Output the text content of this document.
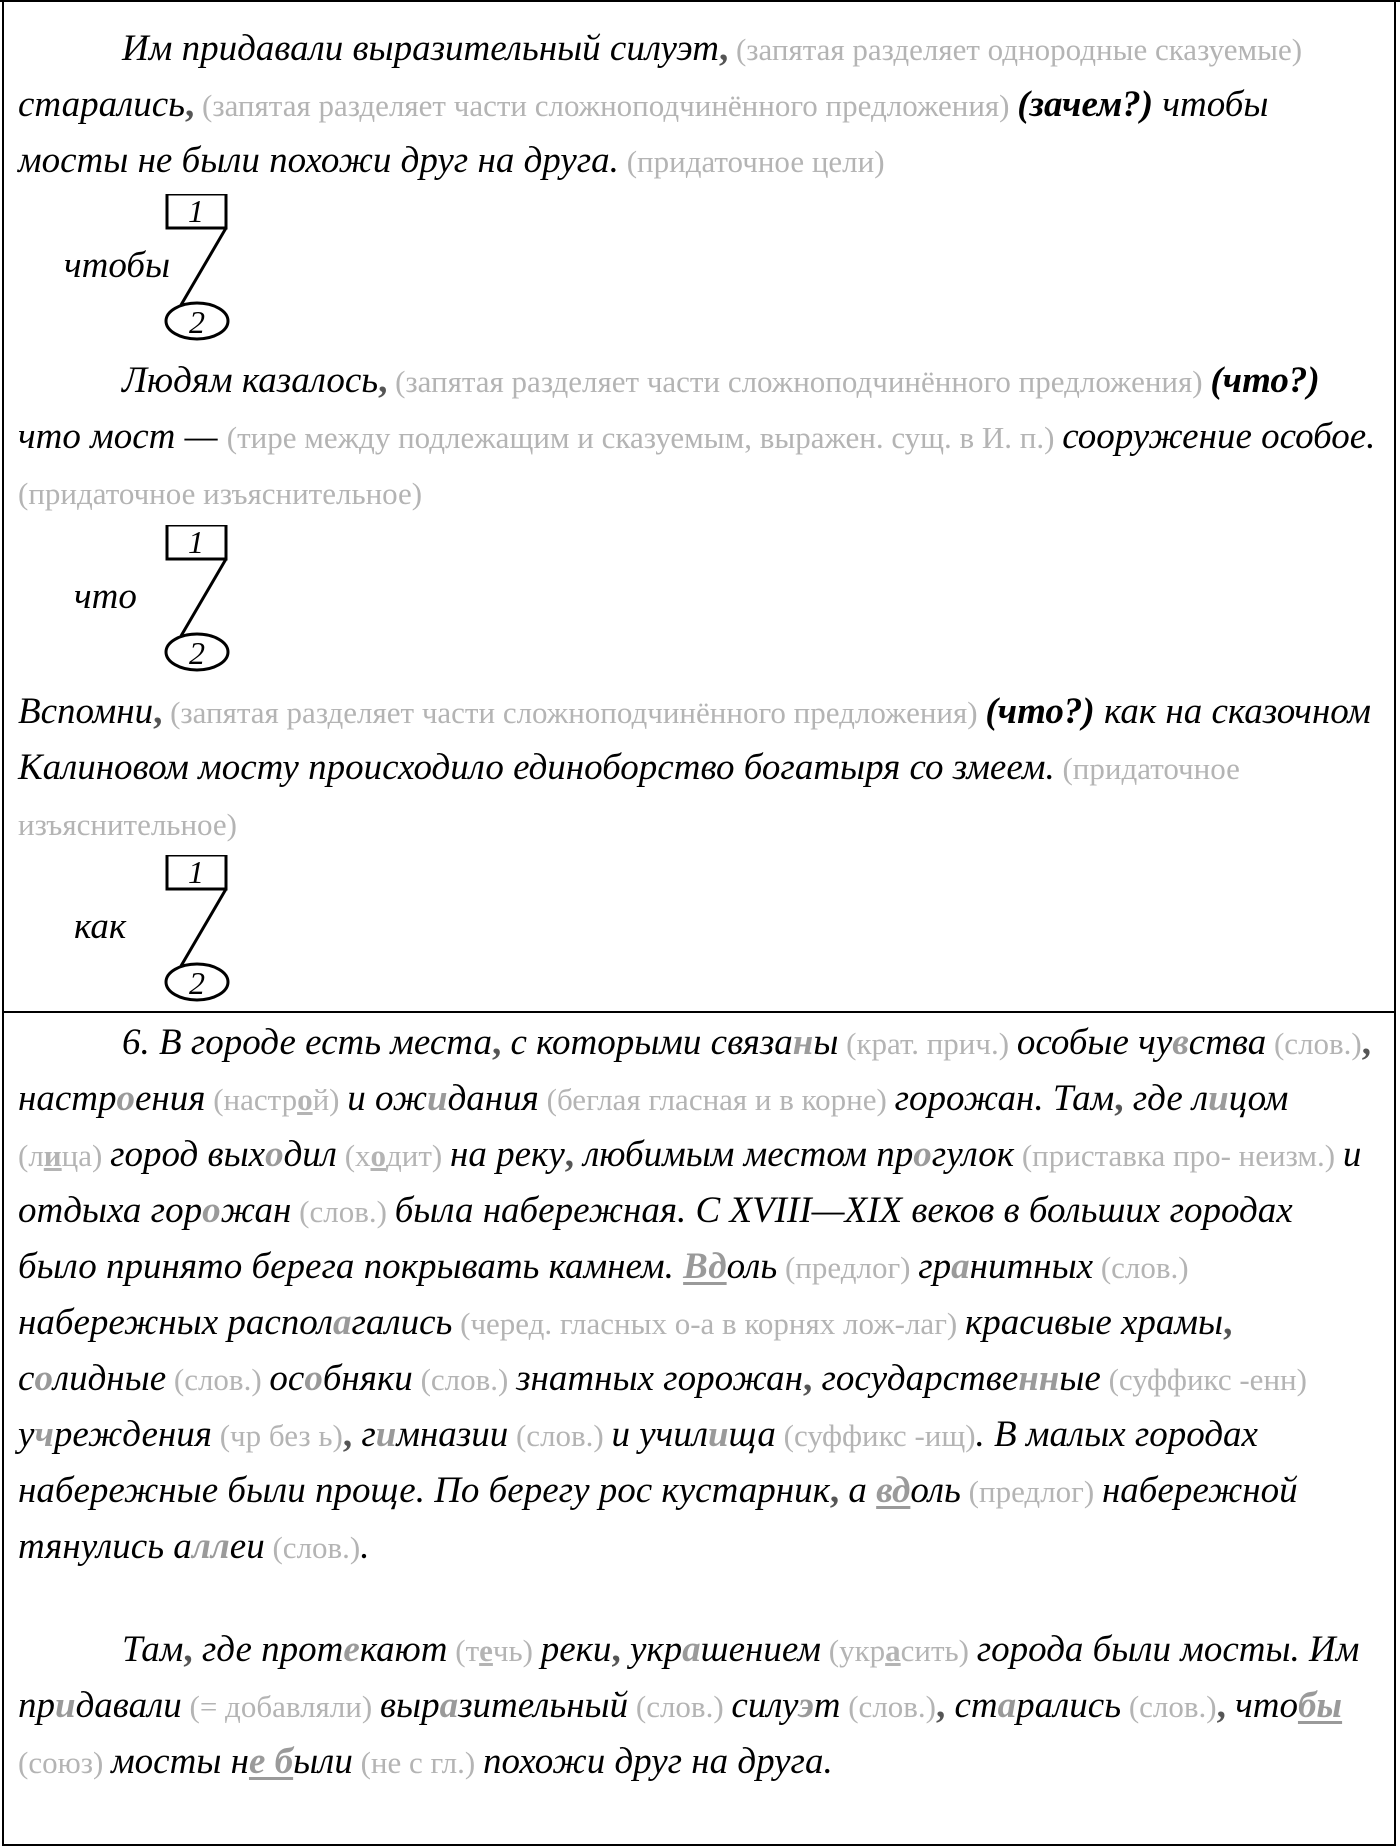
Им придавали выразительный силуэт, (запятая разделяет однородные сказуемые) старались, (запятая разделяет части сложноподчинённого предложения) (зачем?) чтобы мосты не были похожи друг на друга. (придаточное цели)

чтобы
1
2

Людям казалось, (запятая разделяет части сложноподчинённого предложения) (что?) что мост — (тире между подлежащим и сказуемым, выражен. сущ. в И. п.) сооружение особое. (придаточное изъяснительное)

что
1
2

Вспомни, (запятая разделяет части сложноподчинённого предложения) (что?) как на сказочном Калиновом мосту происходило единоборство богатыря со змеем. (придаточное изъяснительное)

как
1
2

6. В городе есть места, с которыми связаны (крат. прич.) особые чувства (слов.), настроения (настрой) и ожидания (беглая гласная и в корне) горожан. Там, где лицом (лица) город выходил (ходит) на реку, любимым местом прогулок (приставка про- неизм.) и отдыха горожан (слов.) была набережная. С XVIII—XIX веков в больших городах было принято берега покрывать камнем. Вдоль (предлог) гранитных (слов.) набережных располагались (черед. гласных о-а в корнях лож-лаг) красивые храмы, солидные (слов.) особняки (слов.) знатных горожан, государственные (суффикс -енн) учреждения (чр без ь), гимназии (слов.) и училища (суффикс -ищ). В малых городах набережные были проще. По берегу рос кустарник, а вдоль (предлог) набережной тянулись аллеи (слов.).

Там, где протекают (течь) реки, украшением (украсить) города были мосты. Им придавали (= добавляли) выразительный (слов.) силуэт (слов.), старались (слов.), чтобы (союз) мосты не были (не с гл.) похожи друг на друга.
